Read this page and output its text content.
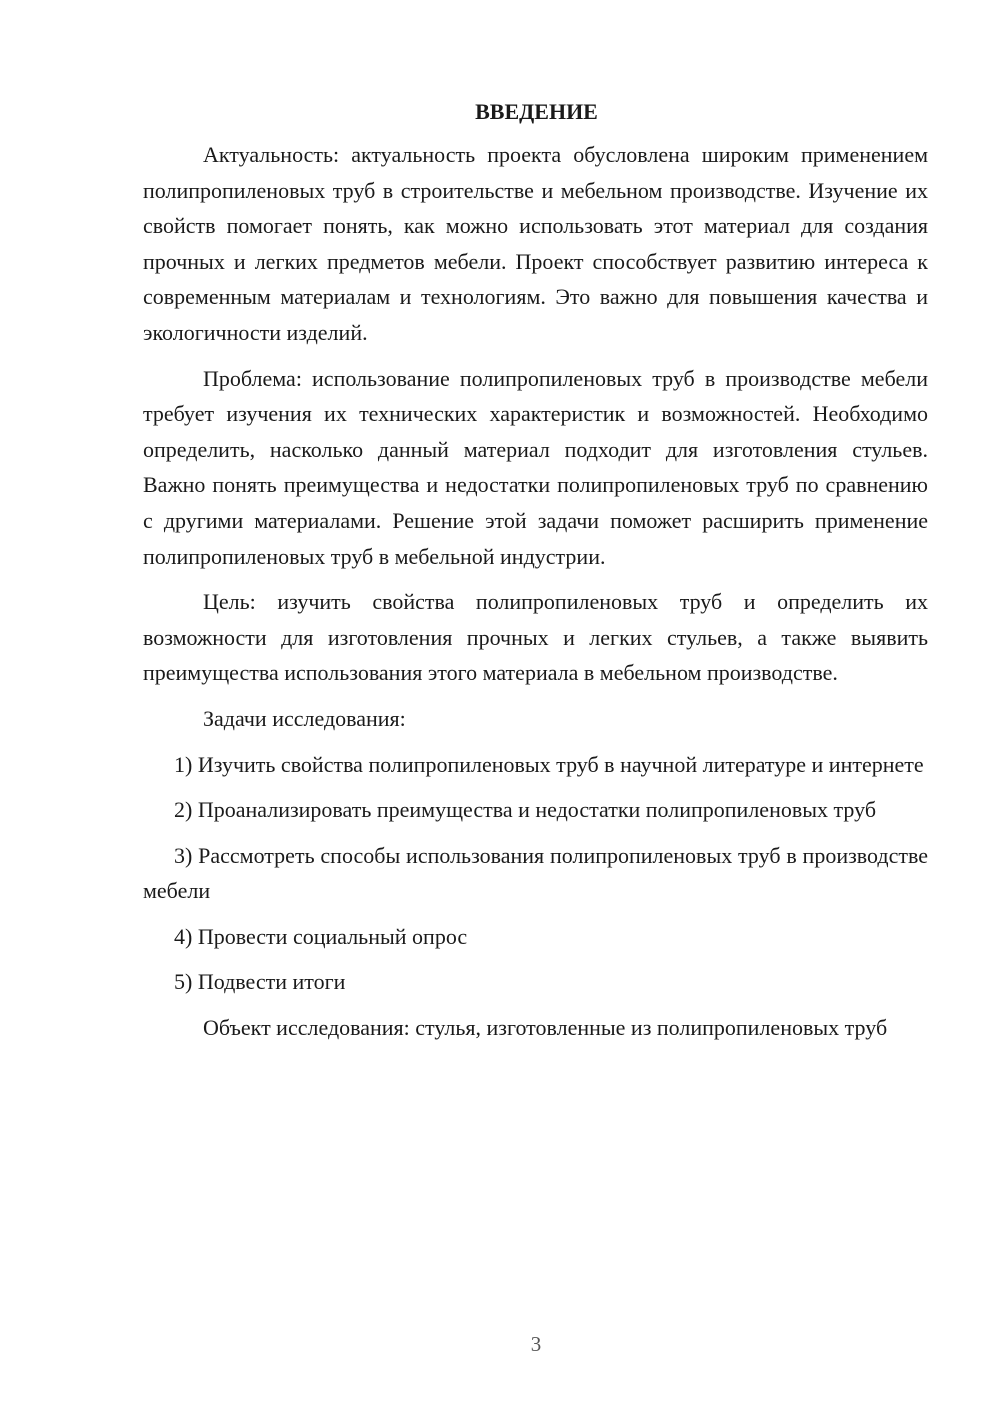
ВВЕДЕНИЕ

Актуальность: актуальность проекта обусловлена широким применением полипропиленовых труб в строительстве и мебельном производстве. Изучение их свойств помогает понять, как можно использовать этот материал для создания прочных и легких предметов мебели. Проект способствует развитию интереса к современным материалам и технологиям. Это важно для повышения качества и экологичности изделий.

Проблема: использование полипропиленовых труб в производстве мебели требует изучения их технических характеристик и возможностей. Необходимо определить, насколько данный материал подходит для изготовления стульев. Важно понять преимущества и недостатки полипропиленовых труб по сравнению с другими материалами. Решение этой задачи поможет расширить применение полипропиленовых труб в мебельной индустрии.

Цель: изучить свойства полипропиленовых труб и определить их возможности для изготовления прочных и легких стульев, а также выявить преимущества использования этого материала в мебельном производстве.

Задачи исследования:

1) Изучить свойства полипропиленовых труб в научной литературе и интернете

2) Проанализировать преимущества и недостатки полипропиленовых труб

3) Рассмотреть способы использования полипропиленовых труб в производстве мебели

4) Провести социальный опрос

5) Подвести итоги

Объект исследования: стулья, изготовленные из полипропиленовых труб

3
